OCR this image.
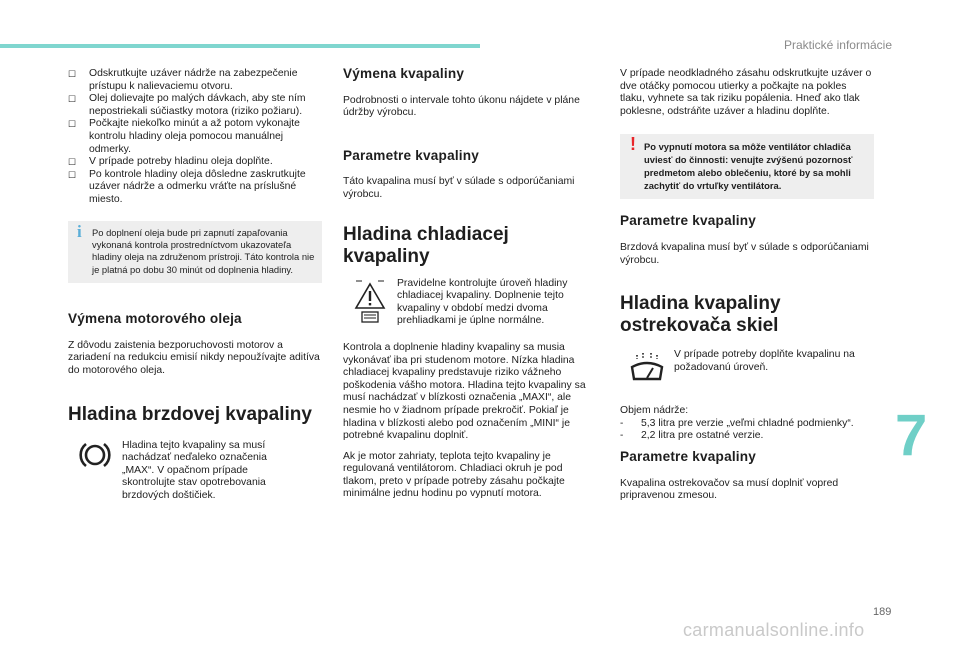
Praktické informácie
☐ Odskrutkujte uzáver nádrže na zabezpečenie prístupu k nalievaciemu otvoru.
☐ Olej dolievajte po malých dávkach, aby ste ním nepostriekali súčiastky motora (riziko požiaru).
☐ Počkajte niekoľko minút a až potom vykonajte kontrolu hladiny oleja pomocou manuálnej odmerky.
☐ V prípade potreby hladinu oleja doplňte.
☐ Po kontrole hladiny oleja dôsledne zaskrutkujte uzáver nádrže a odmerku vráťte na príslušné miesto.
i Po doplnení oleja bude pri zapnutí zapaľovania vykonaná kontrola prostredníctvom ukazovateľa hladiny oleja na združenom prístroji. Táto kontrola nie je platná po dobu 30 minút od doplnenia hladiny.

Výmena motorového oleja

Z dôvodu zaistenia bezporuchovosti motorov a zariadení na redukciu emisií nikdy nepoužívajte aditíva do motorového oleja.

Hladina brzdovej kvapaliny

Hladina tejto kvapaliny sa musí nachádzať neďaleko označenia „MAX“. V opačnom prípade skontrolujte stav opotrebovania brzdových doštičiek.

Výmena kvapaliny

Podrobnosti o intervale tohto úkonu nájdete v pláne údržby výrobcu.

Parametre kvapaliny

Táto kvapalina musí byť v súlade s odporúčaniami výrobcu.

Hladina chladiacej
kvapaliny

Pravidelne kontrolujte úroveň hladiny chladiacej kvapaliny. Doplnenie tejto kvapaliny v období medzi dvoma prehliadkami je úplne normálne.

Kontrola a doplnenie hladiny kvapaliny sa musia vykonávať iba pri studenom motore. Nízka hladina chladiacej kvapaliny predstavuje riziko vážneho poškodenia vášho motora. Hladina tejto kvapaliny sa musí nachádzať v blízkosti označenia „MAXI“, ale nesmie ho v žiadnom prípade prekročiť. Pokiaľ je hladina v blízkosti alebo pod označením „MINI“ je potrebné kvapalinu doplniť.

Ak je motor zahriaty, teplota tejto kvapaliny je regulovaná ventilátorom. Chladiaci okruh je pod tlakom, preto v prípade potreby zásahu počkajte minimálne jednu hodinu po vypnutí motora.

V prípade neodkladného zásahu odskrutkujte uzáver o dve otáčky pomocou utierky a počkajte na pokles tlaku, vyhnete sa tak riziku popálenia. Hneď ako tlak poklesne, odstráňte uzáver a hladinu doplňte.

! Po vypnutí motora sa môže ventilátor chladiča uviesť do činnosti: venujte zvýšenú pozornosť predmetom alebo oblečeniu, ktoré by sa mohli zachytiť do vrtuľky ventilátora.

Parametre kvapaliny

Brzdová kvapalina musí byť v súlade s odporúčaniami výrobcu.

Hladina kvapaliny
ostrekovača skiel

V prípade potreby doplňte kvapalinu na požadovanú úroveň.

Objem nádrže:

- 5,3 litra pre verzie „veľmi chladné podmienky“.
- 2,2 litra pre ostatné verzie.
Parametre kvapaliny

Kvapalina ostrekovačov sa musí doplniť vopred pripravenou zmesou.

7
189
carmanualsonline.info
